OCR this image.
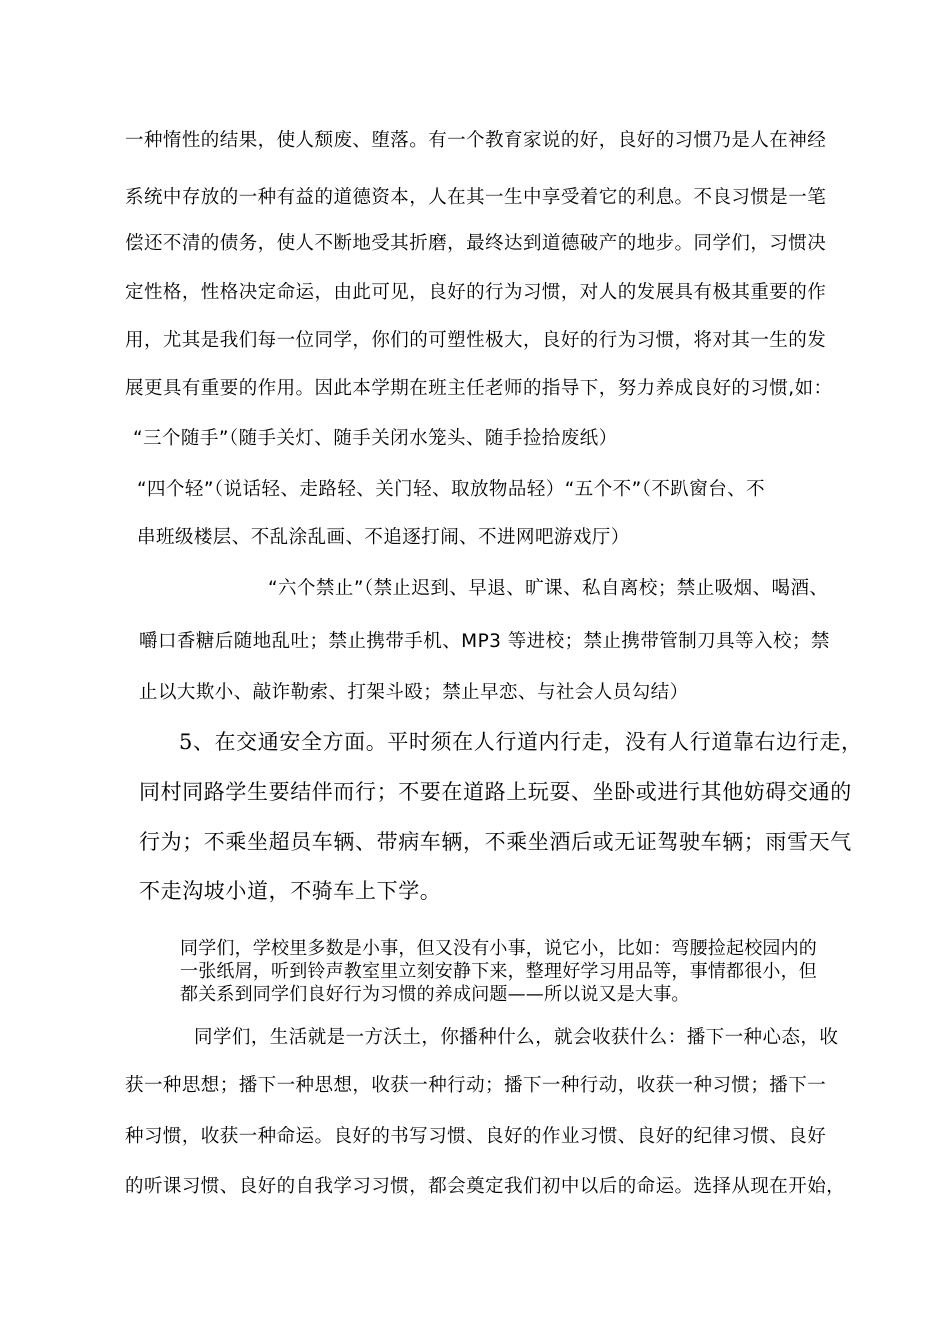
一种惰性的结果，使人颓废、堕落。有一个教育家说的好，良好的习惯乃是人在神经

系统中存放的一种有益的道德资本，人在其一生中享受着它的利息。不良习惯是一笔

偿还不清的债务，使人不断地受其折磨，最终达到道德破产的地步。同学们，习惯决

定性格，性格决定命运，由此可见，良好的行为习惯，对人的发展具有极其重要的作

用，尤其是我们每一位同学，你们的可塑性极大，良好的行为习惯，将对其一生的发

展更具有重要的作用。因此本学期在班主任老师的指导下，努力养成良好的习惯,如：

“三个随手”（随手关灯、随手关闭水笼头、随手捡拾废纸）

“四个轻”（说话轻、走路轻、关门轻、取放物品轻）“五个不”（不趴窗台、不

串班级楼层、不乱涂乱画、不追逐打闹、不进网吧游戏厅）

“六个禁止”（禁止迟到、早退、旷课、私自离校；禁止吸烟、喝酒、

嚼口香糖后随地乱吐；禁止携带手机、MP3 等进校；禁止携带管制刀具等入校；禁

止以大欺小、敲诈勒索、打架斗殴；禁止早恋、与社会人员勾结）

5、在交通安全方面。平时须在人行道内行走，没有人行道靠右边行走，

同村同路学生要结伴而行；不要在道路上玩耍、坐卧或进行其他妨碍交通的

行为；不乘坐超员车辆、带病车辆，不乘坐酒后或无证驾驶车辆；雨雪天气

不走沟坡小道，不骑车上下学。

同学们，学校里多数是小事，但又没有小事，说它小，比如：弯腰捡起校园内的

一张纸屑，听到铃声教室里立刻安静下来，整理好学习用品等，事情都很小，但

都关系到同学们良好行为习惯的养成问题——所以说又是大事。

同学们，生活就是一方沃土，你播种什么，就会收获什么：播下一种心态，收

获一种思想；播下一种思想，收获一种行动；播下一种行动，收获一种习惯；播下一

种习惯，收获一种命运。良好的书写习惯、良好的作业习惯、良好的纪律习惯、良好

的听课习惯、良好的自我学习习惯，都会奠定我们初中以后的命运。选择从现在开始，
